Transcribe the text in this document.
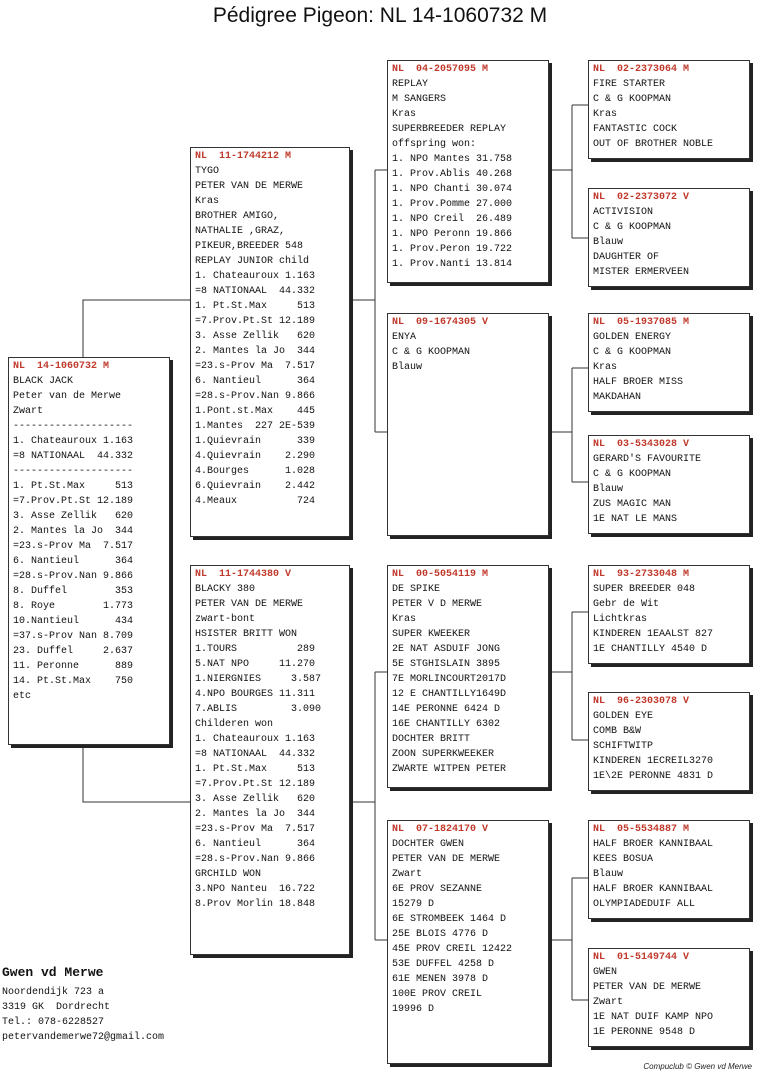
Pédigree Pigeon: NL 14-1060732 M
NL  14-1060732 M
BLACK JACK
Peter van de Merwe
Zwart
--------------------
1. Chateauroux 1.163
=8 NATIONAAL  44.332
--------------------
1. Pt.St.Max     513
=7.Prov.Pt.St 12.189
3. Asse Zellik   620
2. Mantes la Jo  344
=23.s-Prov Ma  7.517
6. Nantieul      364
=28.s-Prov.Nan 9.866
8. Duffel        353
8. Roye        1.773
10.Nantieul      434
=37.s-Prov Nan 8.709
23. Duffel     2.637
11. Peronne      889
14. Pt.St.Max    750
etc
NL  11-1744212 M
TYGO
PETER VAN DE MERWE
Kras
BROTHER AMIGO,
NATHALIE ,GRAZ,
PIKEUR,BREEDER 548
REPLAY JUNIOR child
1. Chateauroux 1.163
=8 NATIONAAL  44.332
1. Pt.St.Max     513
=7.Prov.Pt.St 12.189
3. Asse Zellik   620
2. Mantes la Jo  344
=23.s-Prov Ma  7.517
6. Nantieul      364
=28.s-Prov.Nan 9.866
1.Pont.st.Max    445
1.Mantes  227 2E-539
1.Quievrain      339
4.Quievrain    2.290
4.Bourges      1.028
6.Quievrain    2.442
4.Meaux          724
NL  11-1744380 V
BLACKY 380
PETER VAN DE MERWE
zwart-bont
HSISTER BRITT WON
1.TOURS          289
5.NAT NPO     11.270
1.NIERGNIES     3.587
4.NPO BOURGES 11.311
7.ABLIS         3.090
Childeren won
1. Chateauroux 1.163
=8 NATIONAAL  44.332
1. Pt.St.Max     513
=7.Prov.Pt.St 12.189
3. Asse Zellik   620
2. Mantes la Jo  344
=23.s-Prov Ma  7.517
6. Nantieul      364
=28.s-Prov.Nan 9.866
GRCHILD WON
3.NPO Nanteu  16.722
8.Prov Morlin 18.848
NL  04-2057095 M
REPLAY
M SANGERS
Kras
SUPERBREEDER REPLAY
offspring won:
1. NPO Mantes 31.758
1. Prov.Ablis 40.268
1. NPO Chanti 30.074
1. Prov.Pomme 27.000
1. NPO Creil  26.489
1. NPO Peronn 19.866
1. Prov.Peron 19.722
1. Prov.Nanti 13.814
NL  09-1674305 V
ENYA
C & G KOOPMAN
Blauw
NL  00-5054119 M
DE SPIKE
PETER V D MERWE
Kras
SUPER KWEEKER
2E NAT ASDUIF JONG
5E STGHISLAIN 3895
7E MORLINCOURT2017D
12 E CHANTILLY1649D
14E PERONNE 6424 D
16E CHANTILLY 6302
DOCHTER BRITT
ZOON SUPERKWEEKER
ZWARTE WITPEN PETER
NL  07-1824170 V
DOCHTER GWEN
PETER VAN DE MERWE
Zwart
6E PROV SEZANNE
15279 D
6E STROMBEEK 1464 D
25E BLOIS 4776 D
45E PROV CREIL 12422
53E DUFFEL 4258 D
61E MENEN 3978 D
100E PROV CREIL
19996 D
NL  02-2373064 M
FIRE STARTER
C & G KOOPMAN
Kras
FANTASTIC COCK
OUT OF BROTHER NOBLE
NL  02-2373072 V
ACTIVISION
C & G KOOPMAN
Blauw
DAUGHTER OF
MISTER ERMERVEEN
NL  05-1937085 M
GOLDEN ENERGY
C & G KOOPMAN
Kras
HALF BROER MISS
MAKDAHAN
NL  03-5343028 V
GERARD'S FAVOURITE
C & G KOOPMAN
Blauw
ZUS MAGIC MAN
1E NAT LE MANS
NL  93-2733048 M
SUPER BREEDER 048
Gebr de Wit
Lichtkras
KINDEREN 1EAALST 827
1E CHANTILLY 4540 D
NL  96-2303078 V
GOLDEN EYE
COMB B&W
SCHIFTWITP
KINDEREN 1ECREIL3270
1E\2E PERONNE 4831 D
NL  05-5534887 M
HALF BROER KANNIBAAL
KEES BOSUA
Blauw
HALF BROER KANNIBAAL
OLYMPIADEDUIF ALL
NL  01-5149744 V
GWEN
PETER VAN DE MERWE
Zwart
1E NAT DUIF KAMP NPO
1E PERONNE 9548 D
Gwen vd Merwe
Noordendijk 723 a
3319 GK  Dordrecht
Tel.: 078-6228527
petervandemerwe72@gmail.com
Compuclub © Gwen vd Merwe
